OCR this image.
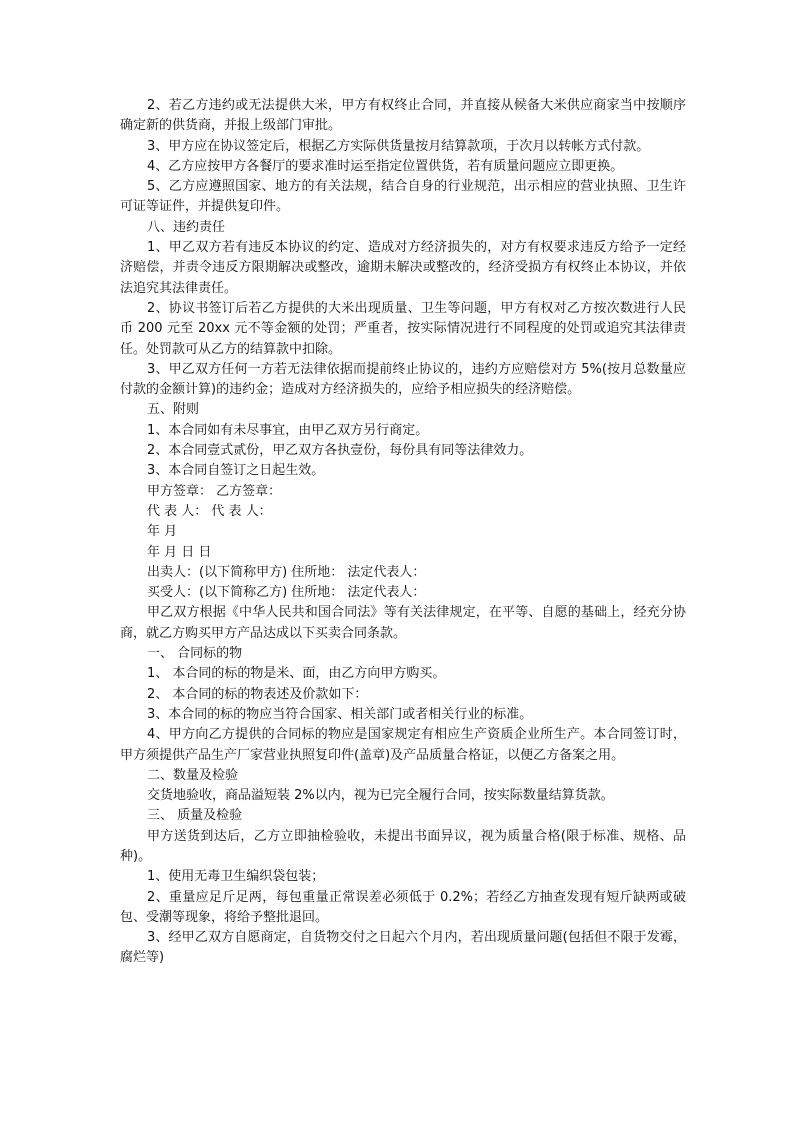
2、若乙方违约或无法提供大米，甲方有权终止合同，并直接从候备大米供应商家当中按顺序确定新的供货商，并报上级部门审批。

3、甲方应在协议签定后，根据乙方实际供货量按月结算款项，于次月以转帐方式付款。

4、乙方应按甲方各餐厅的要求准时运至指定位置供货，若有质量问题应立即更换。

5、乙方应遵照国家、地方的有关法规，结合自身的行业规范，出示相应的营业执照、卫生许可证等证件，并提供复印件。

八、违约责任

1、甲乙双方若有违反本协议的约定、造成对方经济损失的，对方有权要求违反方给予一定经济赔偿，并责令违反方限期解决或整改，逾期未解决或整改的，经济受损方有权终止本协议，并依法追究其法律责任。

2、协议书签订后若乙方提供的大米出现质量、卫生等问题，甲方有权对乙方按次数进行人民币 200 元至 20xx 元不等金额的处罚；严重者，按实际情况进行不同程度的处罚或追究其法律责任。处罚款可从乙方的结算款中扣除。

3、甲乙双方任何一方若无法律依据而提前终止协议的，违约方应赔偿对方 5%(按月总数量应付款的金额计算)的违约金；造成对方经济损失的，应给予相应损失的经济赔偿。

五、附则

1、本合同如有未尽事宜，由甲乙双方另行商定。

2、本合同壹式贰份，甲乙双方各执壹份，每份具有同等法律效力。

3、本合同自签订之日起生效。

甲方签章： 乙方签章：

代 表 人： 代 表 人：

年 月

年 月 日 日

出卖人：(以下简称甲方) 住所地： 法定代表人：

买受人：(以下简称乙方) 住所地： 法定代表人：

甲乙双方根据《中华人民共和国合同法》等有关法律规定，在平等、自愿的基础上，经充分协商，就乙方购买甲方产品达成以下买卖合同条款。

一、 合同标的物

1、 本合同的标的物是米、面，由乙方向甲方购买。

2、 本合同的标的物表述及价款如下：

3、本合同的标的物应当符合国家、相关部门或者相关行业的标准。

4、甲方向乙方提供的合同标的物应是国家规定有相应生产资质企业所生产。本合同签订时，甲方须提供产品生产厂家营业执照复印件(盖章)及产品质量合格证，以便乙方备案之用。

二、数量及检验

交货地验收，商品溢短装 2%以内，视为已完全履行合同，按实际数量结算货款。

三、 质量及检验

甲方送货到达后，乙方立即抽检验收，未提出书面异议，视为质量合格(限于标准、规格、品种)。

1、使用无毒卫生编织袋包装；

2、重量应足斤足两，每包重量正常误差必须低于 0.2%；若经乙方抽查发现有短斤缺两或破包、受潮等现象，将给予整批退回。

3、经甲乙双方自愿商定，自货物交付之日起六个月内，若出现质量问题(包括但不限于发霉，腐烂等)
